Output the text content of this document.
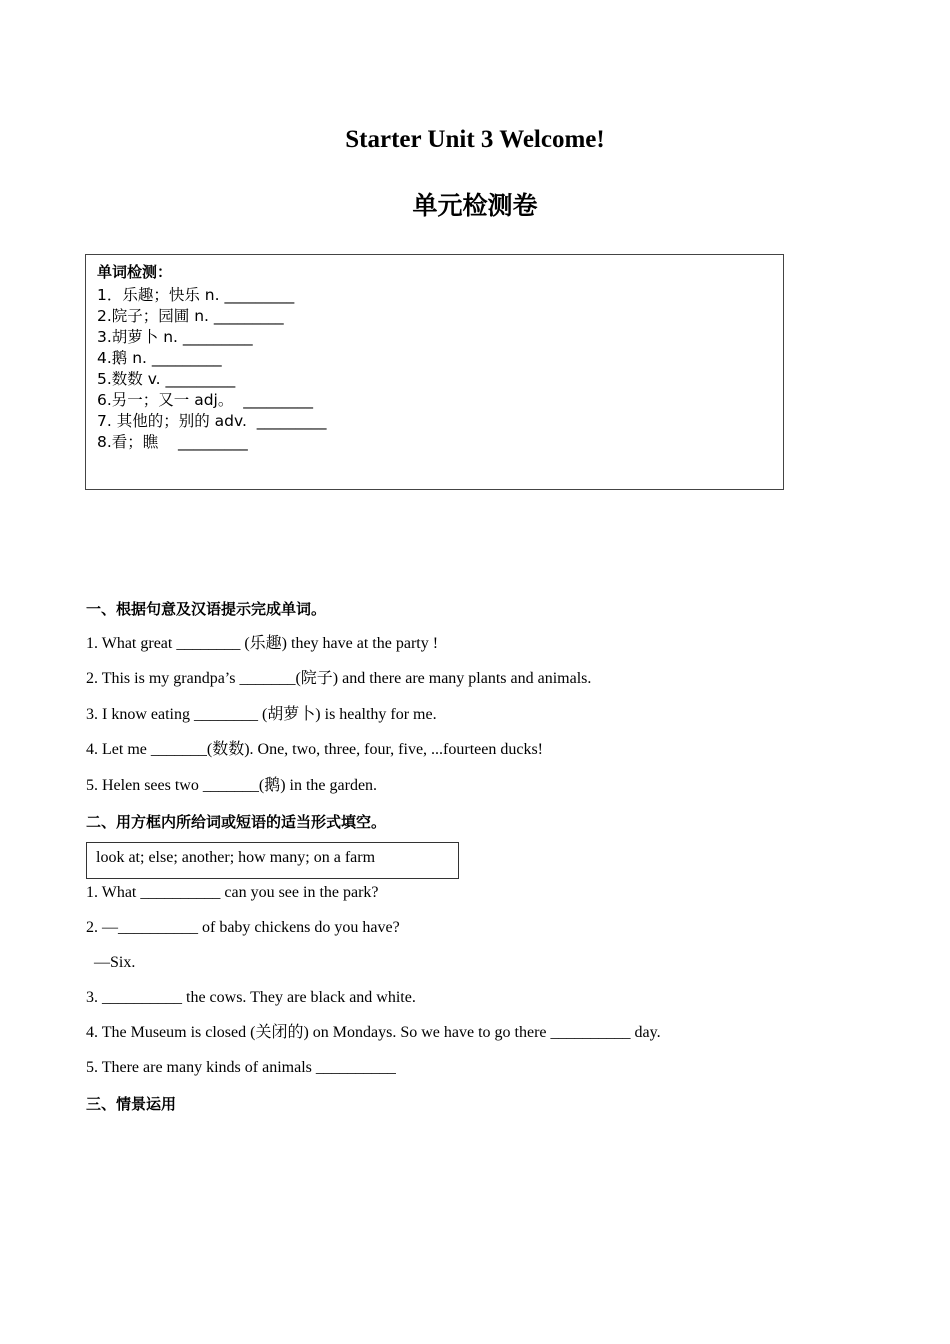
Starter Unit 3 Welcome!
单元检测卷
单词检测：
1．乐趣；快乐 n. _________
2.院子；园圃 n. _________
3.胡萝卜 n. _________
4.鹅 n. _________
5.数数 v. _________
6.另一；又一 adj。  _________
7. 其他的；别的 adv.  _________
8.看；瞧    _________
一、根据句意及汉语提示完成单词。
1. What great ________ (乐趣) they have at the party !
2. This is my grandpa’s _______(院子) and there are many plants and animals.
3. I know eating ________ (胡萝卜) is healthy for me.
4. Let me _______(数数). One, two, three, four, five, ...fourteen ducks!
5. Helen sees two _______(鹅) in the garden.
二、用方框内所给词或短语的适当形式填空。
look at; else; another; how many; on a farm
1. What __________ can you see in the park?
2. —__________ of baby chickens do you have?
—Six.
3. __________ the cows. They are black and white.
4. The Museum is closed (关闭的) on Mondays. So we have to go there __________ day.
5. There are many kinds of animals __________
三、情景运用
